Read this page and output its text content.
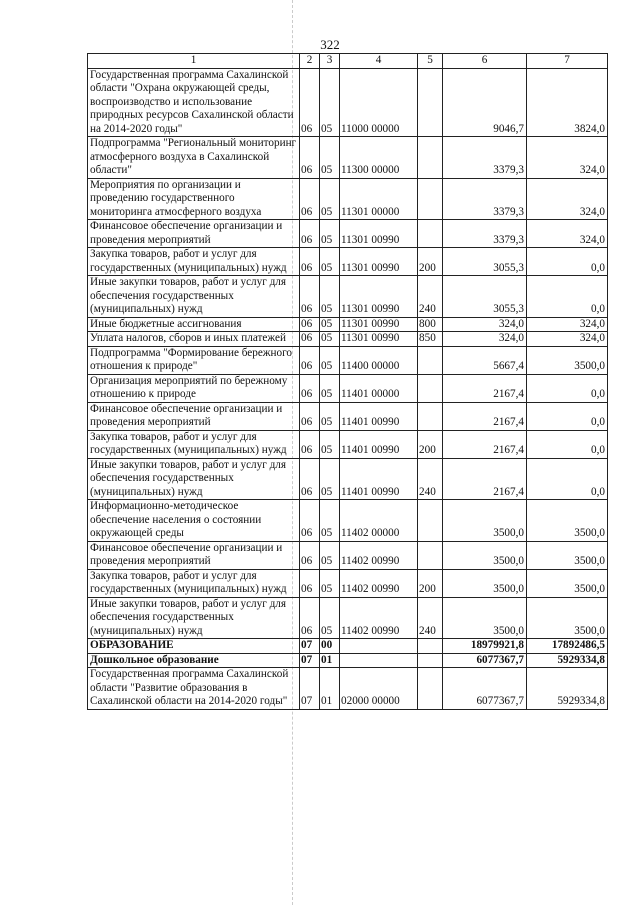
322
1	2	3	4	5	6	7
Государственная программа Сахалинской области "Охрана окружающей среды, воспроизводство и использование природных ресурсов Сахалинской области на 2014-2020 годы"	06	05	11000 00000		9046,7	3824,0
Подпрограмма "Региональный мониторинг атмосферного воздуха в Сахалинской области"	06	05	11300 00000		3379,3	324,0
Мероприятия по организации и проведению государственного мониторинга атмосферного воздуха	06	05	11301 00000		3379,3	324,0
Финансовое обеспечение организации и проведения мероприятий	06	05	11301 00990		3379,3	324,0
Закупка товаров, работ и услуг для государственных (муниципальных) нужд	06	05	11301 00990	200	3055,3	0,0
Иные закупки товаров, работ и услуг для обеспечения государственных (муниципальных) нужд	06	05	11301 00990	240	3055,3	0,0
Иные бюджетные ассигнования	06	05	11301 00990	800	324,0	324,0
Уплата налогов, сборов и иных платежей	06	05	11301 00990	850	324,0	324,0
Подпрограмма "Формирование бережного отношения к природе"	06	05	11400 00000		5667,4	3500,0
Организация мероприятий по бережному отношению к природе	06	05	11401 00000		2167,4	0,0
Финансовое обеспечение организации и проведения мероприятий	06	05	11401 00990		2167,4	0,0
Закупка товаров, работ и услуг для государственных (муниципальных) нужд	06	05	11401 00990	200	2167,4	0,0
Иные закупки товаров, работ и услуг для обеспечения государственных (муниципальных) нужд	06	05	11401 00990	240	2167,4	0,0
Информационно-методическое обеспечение населения о состоянии окружающей среды	06	05	11402 00000		3500,0	3500,0
Финансовое обеспечение организации и проведения мероприятий	06	05	11402 00990		3500,0	3500,0
Закупка товаров, работ и услуг для государственных (муниципальных) нужд	06	05	11402 00990	200	3500,0	3500,0
Иные закупки товаров, работ и услуг для обеспечения государственных (муниципальных) нужд	06	05	11402 00990	240	3500,0	3500,0
ОБРАЗОВАНИЕ	07	00			18979921,8	17892486,5
Дошкольное образование	07	01			6077367,7	5929334,8
Государственная программа Сахалинской области "Развитие образования в Сахалинской области на 2014-2020 годы"	07	01	02000 00000		6077367,7	5929334,8
